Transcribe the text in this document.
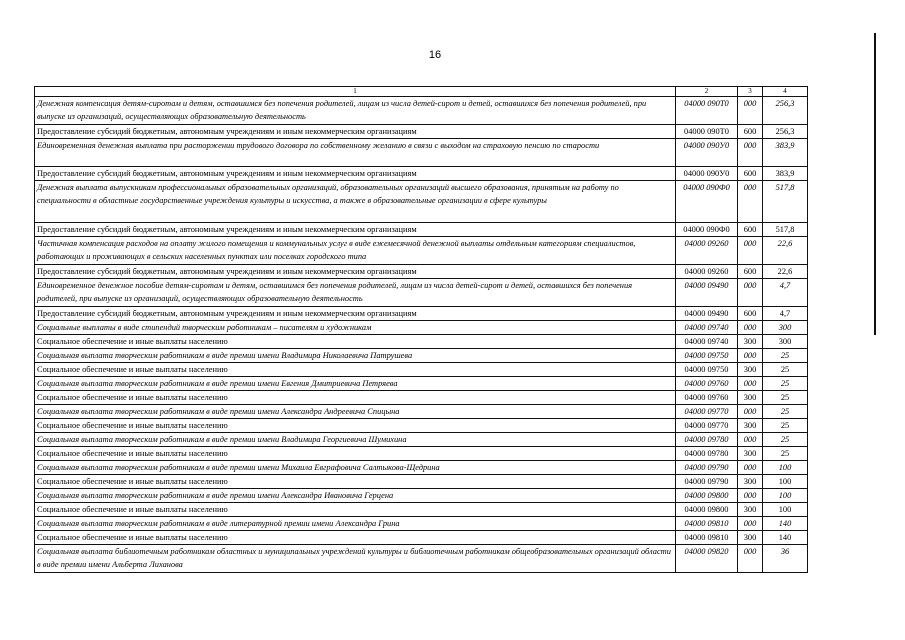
16
1	2	3	4
Денежная компенсация детям-сиротам и детям, оставшимся без попечения родителей, лицам из числа детей-сирот и детей, оставшихся без попечения родителей, при выпуске из организаций, осуществляющих образовательную деятельность	04000 090Т0	000	256,3
Предоставление субсидий бюджетным, автономным учреждениям и иным некоммерческим организациям	04000 090Т0	600	256,3
Единовременная денежная выплата при расторжении трудового договора по собственному желанию в связи с выходом на страховую пенсию по старости	04000 090У0	000	383,9
Предоставление субсидий бюджетным, автономным учреждениям и иным некоммерческим организациям	04000 090У0	600	383,9
Денежная выплата выпускникам профессиональных образовательных организаций, образовательных организаций высшего образования, принятым на работу по специальности в областные государственные учреждения культуры и искусства, а также в образовательные организации в сфере культуры	04000 090Ф0	000	517,8
Предоставление субсидий бюджетным, автономным учреждениям и иным некоммерческим организациям	04000 090Ф0	600	517,8
Частичная компенсация расходов на оплату жилого помещения и коммунальных услуг в виде ежемесячной денежной выплаты отдельным категориям специалистов, работающих и проживающих в сельских населенных пунктах или поселках городского типа	04000 09260	000	22,6
Предоставление субсидий бюджетным, автономным учреждениям и иным некоммерческим организациям	04000 09260	600	22,6
Единовременное денежное пособие детям-сиротам и детям, оставшимся без попечения родителей, лицам из числа детей-сирот и детей, оставшихся без попечения родителей, при выпуске из организаций, осуществляющих образовательную деятельность	04000 09490	000	4,7
Предоставление субсидий бюджетным, автономным учреждениям и иным некоммерческим организациям	04000 09490	600	4,7
Социальные выплаты в виде стипендий творческим работникам – писателям и художникам	04000 09740	000	300
Социальное обеспечение и иные выплаты населению	04000 09740	300	300
Социальная выплата творческим работникам в виде премии имени Владимира Николаевича Патрушева	04000 09750	000	25
Социальное обеспечение и иные выплаты населению	04000 09750	300	25
Социальная выплата творческим работникам в виде премии имени Евгения Дмитриевича Петряева	04000 09760	000	25
Социальное обеспечение и иные выплаты населению	04000 09760	300	25
Социальная выплата творческим работникам в виде премии имени Александра Андреевича Спицына	04000 09770	000	25
Социальное обеспечение и иные выплаты населению	04000 09770	300	25
Социальная выплата творческим работникам в виде премии имени Владимира Георгиевича Шумихина	04000 09780	000	25
Социальное обеспечение и иные выплаты населению	04000 09780	300	25
Социальная выплата творческим работникам в виде премии имени Михаила Евграфовича Салтыкова-Щедрина	04000 09790	000	100
Социальное обеспечение и иные выплаты населению	04000 09790	300	100
Социальная выплата творческим работникам в виде премии имени Александра Ивановича Герцена	04000 09800	000	100
Социальное обеспечение и иные выплаты населению	04000 09800	300	100
Социальная выплата творческим работникам в виде литературной премии имени Александра Грина	04000 09810	000	140
Социальное обеспечение и иные выплаты населению	04000 09810	300	140
Социальная выплата библиотечным работникам областных и муниципальных учреждений культуры и библиотечным работникам общеобразовательных организаций области в виде премии имени Альберта Лиханова	04000 09820	000	36
